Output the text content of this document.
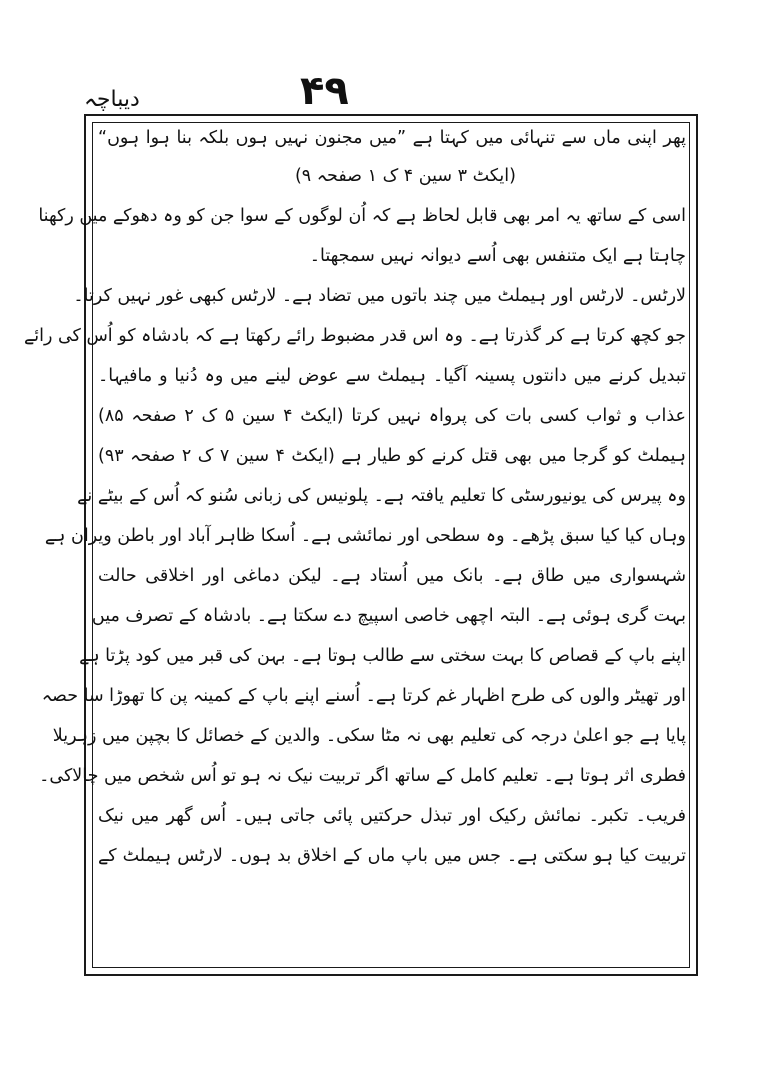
دیباچہ	۴۹
پھر اپنی ماں سے تنہائی میں کہتا ہے ”میں مجنون نہیں ہوں بلکہ بنا ہوا ہوں“
(ایکٹ ۳ سین ۴ ک ۱ صفحہ ۹)
اسی کے ساتھ یہ امر بھی قابل لحاظ ہے کہ اُن لوگوں کے سوا جن کو وہ دھوکے میں رکھنا
چاہتا ہے ایک متنفس بھی اُسے دیوانہ نہیں سمجھتا۔
لارٹس۔ لارٹس اور ہیملٹ میں چند باتوں میں تضاد ہے۔ لارٹس کبھی غور نہیں کرتا۔
جو کچھ کرتا ہے کر گذرتا ہے۔ وہ اس قدر مضبوط رائے رکھتا ہے کہ بادشاہ کو اُس کی رائے
تبدیل کرنے میں دانتوں پسینہ آگیا۔ ہیملٹ سے عوض لینے میں وہ دُنیا و مافیہا۔
عذاب و ثواب کسی بات کی پرواہ نہیں کرتا (ایکٹ ۴ سین ۵ ک ۲ صفحہ ۸۵)
ہیملٹ کو گرجا میں بھی قتل کرنے کو طیار ہے (ایکٹ ۴ سین ۷ ک ۲ صفحہ ۹۳)
وہ پیرس کی یونیورسٹی کا تعلیم یافتہ ہے۔ پلونیس کی زبانی سُنو کہ اُس کے بیٹے نے
وہاں کیا کیا سبق پڑھے۔ وہ سطحی اور نمائشی ہے۔ اُسکا ظاہر آباد اور باطن ویران ہے
شہسواری میں طاق ہے۔ بانک میں اُستاد ہے۔ لیکن دماغی اور اخلاقی حالت
بہت گری ہوئی ہے۔ البتہ اچھی خاصی اسپیچ دے سکتا ہے۔ بادشاہ کے تصرف میں
اپنے باپ کے قصاص کا بہت سختی سے طالب ہوتا ہے۔ بہن کی قبر میں کود پڑتا ہے
اور تھیٹر والوں کی طرح اظہار غم کرتا ہے۔ اُسنے اپنے باپ کے کمینہ پن کا تھوڑا سا حصہ
پایا ہے جو اعلیٰ درجہ کی تعلیم بھی نہ مٹا سکی۔ والدین کے خصائل کا بچپن میں زہریلا
فطری اثر ہوتا ہے۔ تعلیم کامل کے ساتھ اگر تربیت نیک نہ ہو تو اُس شخص میں چالاکی۔
فریب۔ تکبر۔ نمائش رکیک اور تبذل حرکتیں پائی جاتی ہیں۔ اُس گھر میں نیک
تربیت کیا ہو سکتی ہے۔ جس میں باپ ماں کے اخلاق بد ہوں۔ لارٹس ہیملٹ کے
